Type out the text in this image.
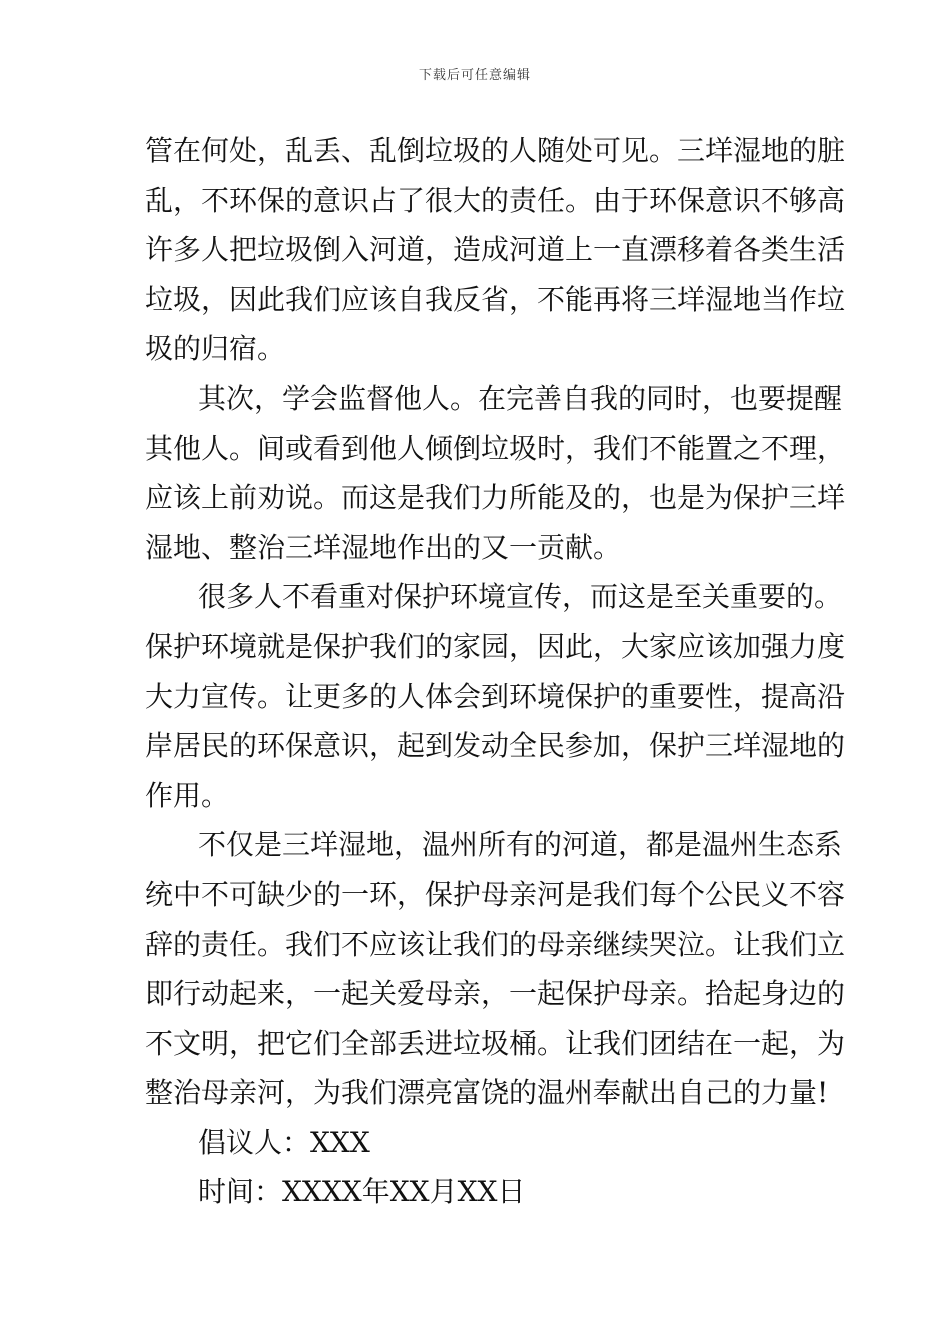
下载后可任意编辑
管在何处，乱丢、乱倒垃圾的人随处可见。三垟湿地的脏
乱，不环保的意识占了很大的责任。由于环保意识不够高
许多人把垃圾倒入河道，造成河道上一直漂移着各类生活
垃圾，因此我们应该自我反省，不能再将三垟湿地当作垃
圾的归宿。
其次，学会监督他人。在完善自我的同时，也要提醒
其他人。间或看到他人倾倒垃圾时，我们不能置之不理，
应该上前劝说。而这是我们力所能及的，也是为保护三垟
湿地、整治三垟湿地作出的又一贡献。
很多人不看重对保护环境宣传，而这是至关重要的。
保护环境就是保护我们的家园，因此，大家应该加强力度
大力宣传。让更多的人体会到环境保护的重要性，提高沿
岸居民的环保意识，起到发动全民参加，保护三垟湿地的
作用。
不仅是三垟湿地，温州所有的河道，都是温州生态系
统中不可缺少的一环，保护母亲河是我们每个公民义不容
辞的责任。我们不应该让我们的母亲继续哭泣。让我们立
即行动起来，一起关爱母亲，一起保护母亲。拾起身边的
不文明，把它们全部丢进垃圾桶。让我们团结在一起，为
整治母亲河，为我们漂亮富饶的温州奉献出自己的力量!
倡议人：XXX
时间：XXXX年XX月XX日
